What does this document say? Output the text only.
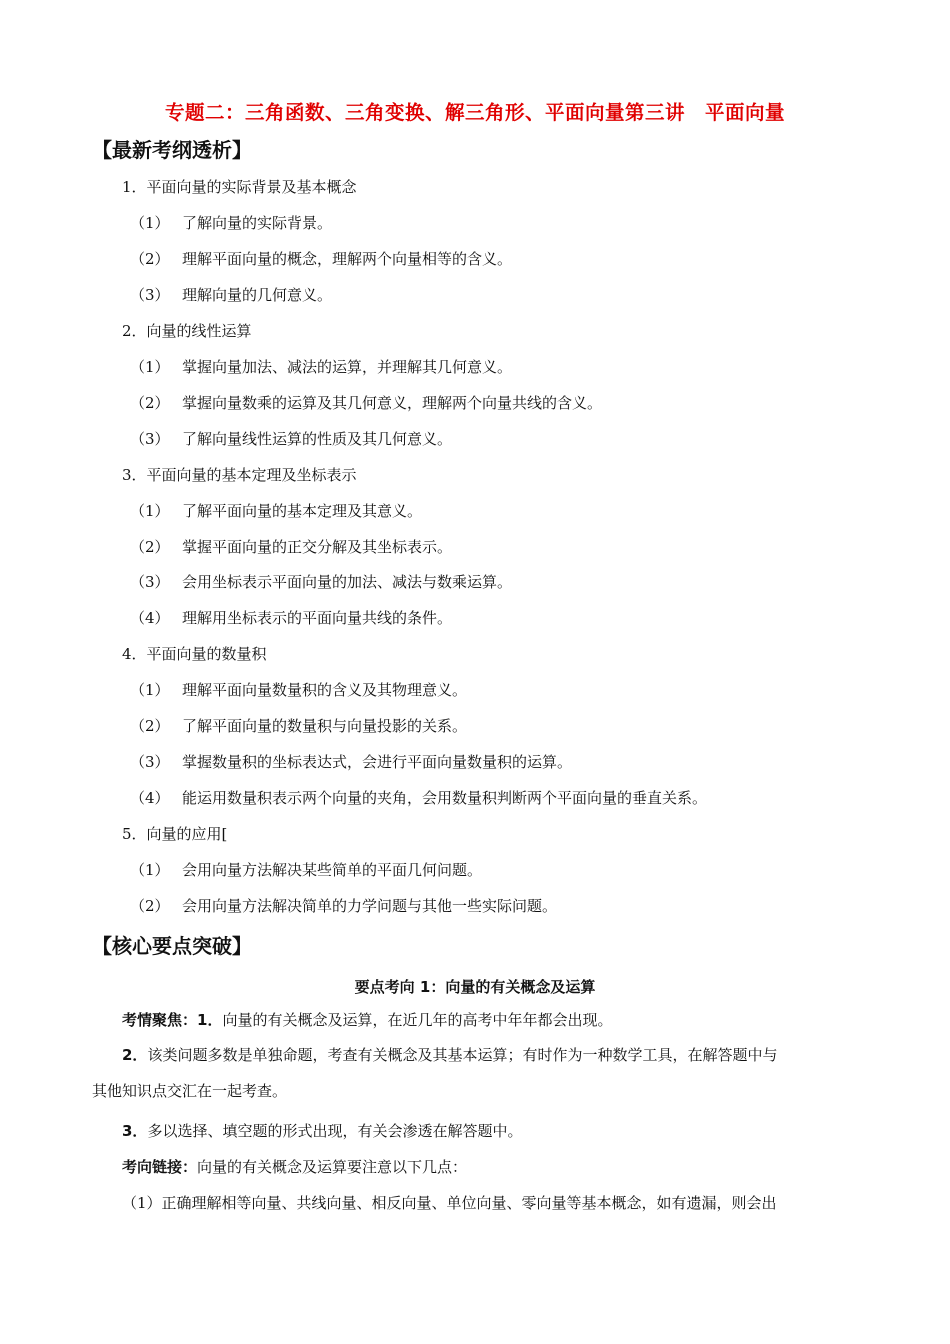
专题二：三角函数、三角变换、解三角形、平面向量第三讲　平面向量
【最新考纲透析】
1．平面向量的实际背景及基本概念
（1） 了解向量的实际背景。
（2） 理解平面向量的概念，理解两个向量相等的含义。
（3） 理解向量的几何意义。
2．向量的线性运算
（1） 掌握向量加法、减法的运算，并理解其几何意义。
（2） 掌握向量数乘的运算及其几何意义，理解两个向量共线的含义。
（3） 了解向量线性运算的性质及其几何意义。
3．平面向量的基本定理及坐标表示
（1） 了解平面向量的基本定理及其意义。
（2） 掌握平面向量的正交分解及其坐标表示。
（3） 会用坐标表示平面向量的加法、减法与数乘运算。
（4） 理解用坐标表示的平面向量共线的条件。
4．平面向量的数量积
（1） 理解平面向量数量积的含义及其物理意义。
（2） 了解平面向量的数量积与向量投影的关系。
（3） 掌握数量积的坐标表达式，会进行平面向量数量积的运算。
（4） 能运用数量积表示两个向量的夹角，会用数量积判断两个平面向量的垂直关系。
5．向量的应用[
（1） 会用向量方法解决某些简单的平面几何问题。
（2） 会用向量方法解决简单的力学问题与其他一些实际问题。
【核心要点突破】
要点考向 1：向量的有关概念及运算
考情聚焦：1．向量的有关概念及运算，在近几年的高考中年年都会出现。
2．该类问题多数是单独命题，考查有关概念及其基本运算；有时作为一种数学工具，在解答题中与
其他知识点交汇在一起考查。
3．多以选择、填空题的形式出现，有关会渗透在解答题中。
考向链接：向量的有关概念及运算要注意以下几点：
（1）正确理解相等向量、共线向量、相反向量、单位向量、零向量等基本概念，如有遗漏，则会出
